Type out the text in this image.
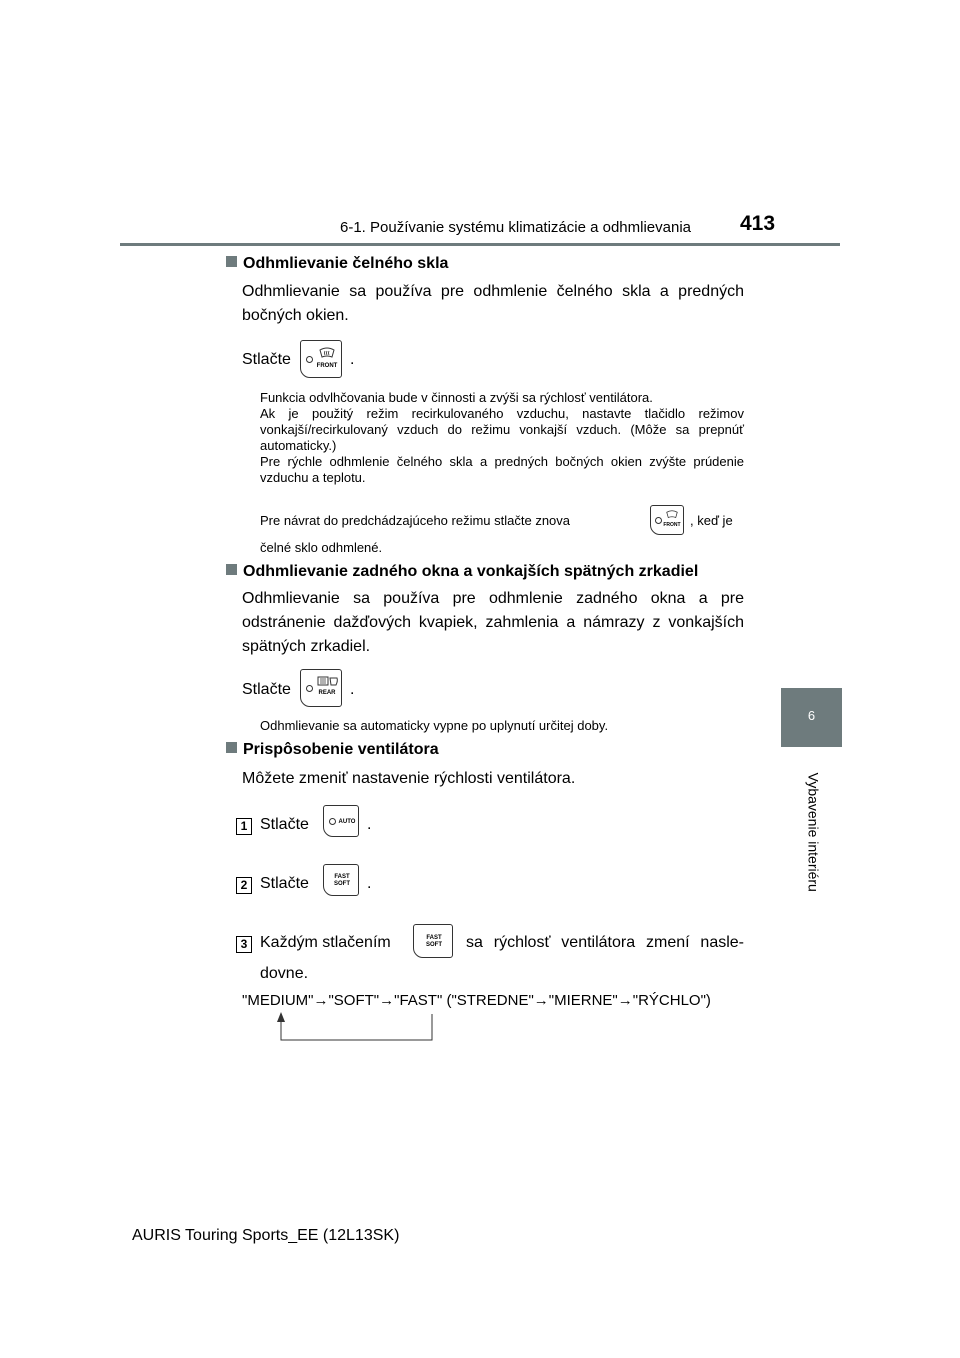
6-1. Používanie systému klimatizácie a odhmlievania 413
6
Vybavenie interiéru
Odhmlievanie čelného skla
Odhmlievanie sa používa pre odhmlenie čelného skla a predných bočných okien.
Stlačte	FRONT .
Funkcia odvlhčovania bude v činnosti a zvýši sa rýchlosť ventilátora.
Ak je použitý režim recirkulovaného vzduchu, nastavte tlačidlo režimov vonkajší/recirkulovaný vzduch do režimu vonkajší vzduch. (Môže sa prepnúť automaticky.)
Pre rýchle odhmlenie čelného skla a predných bočných okien zvýšte prúdenie vzduchu a teplotu.
Pre návrat do predchádzajúceho režimu stlačte znova	FRONT , keď je
čelné sklo odhmlené.
Odhmlievanie zadného okna a vonkajších spätných zrkadiel
Odhmlievanie sa používa pre odhmlenie zadného okna a pre odstránenie dažďových kvapiek, zahmlenia a námrazy z vonkajších spätných zrkadiel.
Stlačte	REAR .
Odhmlievanie sa automaticky vypne po uplynutí určitej doby.
Prispôsobenie ventilátora
Môžete zmeniť nastavenie rýchlosti ventilátora.
1 Stlačte	AUTO .
2 Stlačte	FAST
SOFT .
3 Každým stlačením	FAST
SOFT sa rýchlosť ventilátora zmení nasle-
dovne.
"MEDIUM"→"SOFT"→"FAST" ("STREDNE"→"MIERNE"→"RÝCHLO")
AURIS Touring Sports_EE (12L13SK)
